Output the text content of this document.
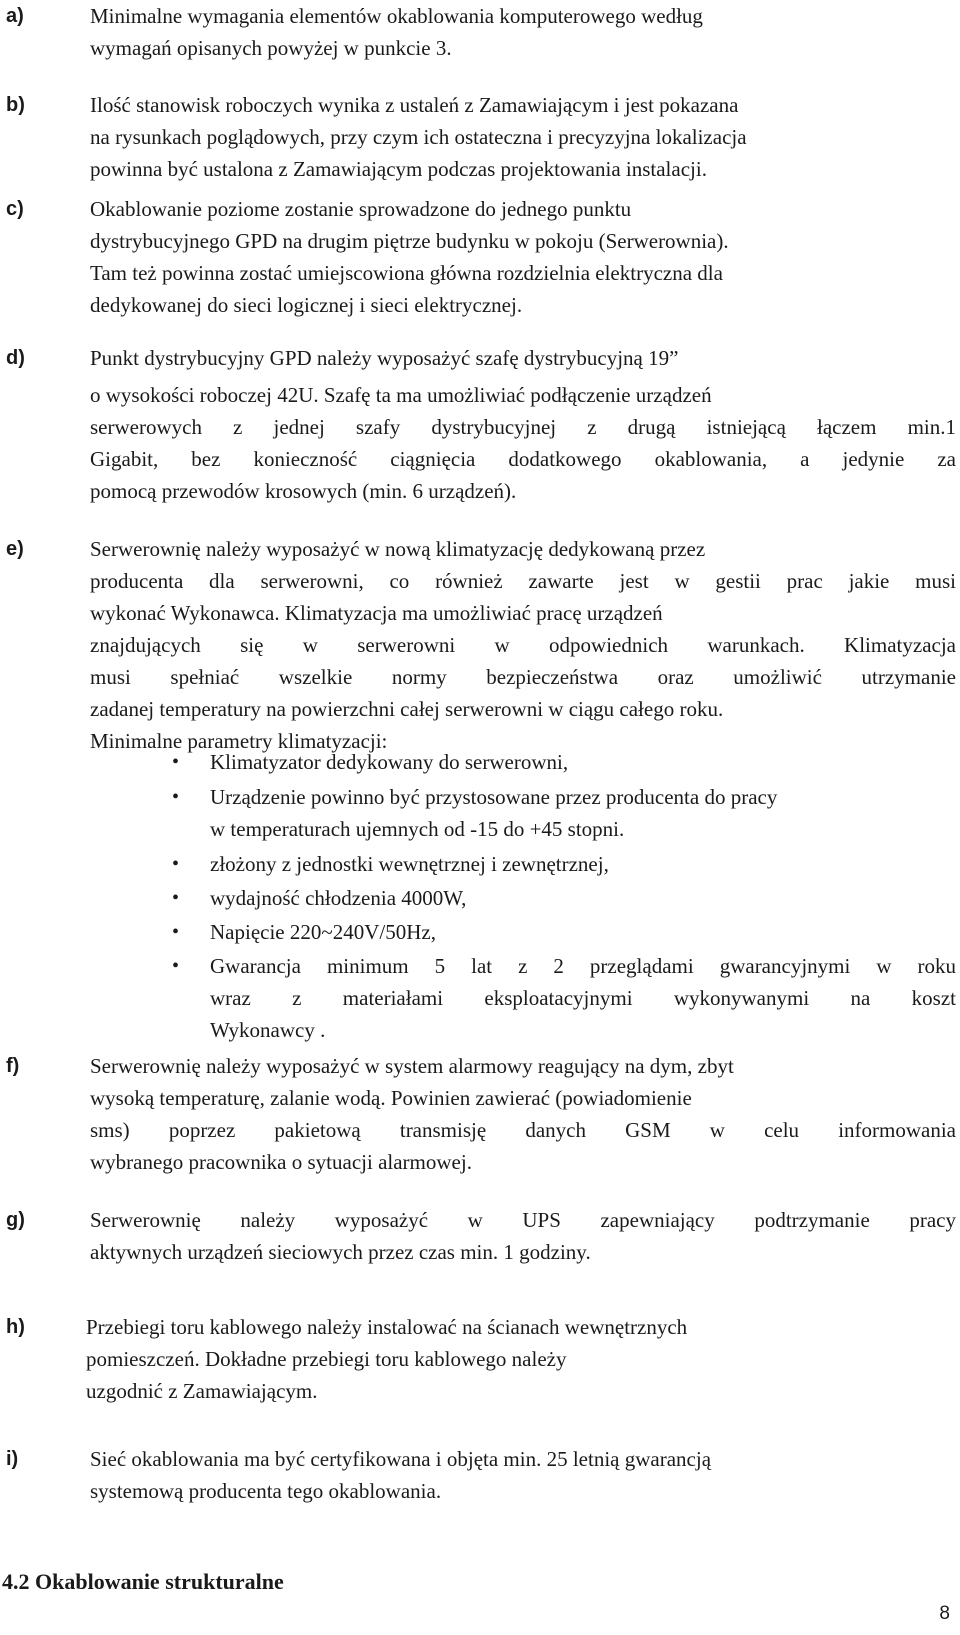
a)	Minimalne wymagania elementów okablowania komputerowego według
wymagań opisanych powyżej w punkcie 3.
b)	Ilość stanowisk roboczych wynika z ustaleń z Zamawiającym i jest pokazana
na rysunkach poglądowych, przy czym ich ostateczna i precyzyjna lokalizacja
powinna być ustalona z Zamawiającym podczas projektowania instalacji.
c)	Okablowanie poziome zostanie sprowadzone do jednego punktu
dystrybucyjnego GPD na drugim piętrze budynku w pokoju (Serwerownia).
Tam też powinna zostać umiejscowiona główna rozdzielnia elektryczna dla
dedykowanej do sieci logicznej i sieci elektrycznej.
d)	Punkt dystrybucyjny GPD należy wyposażyć szafę dystrybucyjną 19”
o wysokości roboczej 42U. Szafę ta ma umożliwiać podłączenie urządzeń
serwerowych z jednej szafy dystrybucyjnej z drugą istniejącą łączem min.1
Gigabit, bez konieczność ciągnięcia dodatkowego okablowania, a jedynie za
pomocą przewodów krosowych (min. 6 urządzeń).
e)	Serwerownię należy wyposażyć w nową klimatyzację dedykowaną przez
producenta dla serwerowni, co również zawarte jest w gestii prac jakie musi
wykonać Wykonawca. Klimatyzacja ma umożliwiać pracę urządzeń
znajdujących się w serwerowni w odpowiednich warunkach. Klimatyzacja
musi spełniać wszelkie normy bezpieczeństwa oraz umożliwić utrzymanie
zadanej temperatury na powierzchni całej serwerowni w ciągu całego roku.
Minimalne parametry klimatyzacji:
• Klimatyzator dedykowany do serwerowni,
• Urządzenie powinno być przystosowane przez producenta do pracy
w temperaturach ujemnych od -15 do +45 stopni.
• złożony z jednostki wewnętrznej i zewnętrznej,
• wydajność chłodzenia 4000W,
• Napięcie 220~240V/50Hz,
• Gwarancja minimum 5 lat z 2 przeglądami gwarancyjnymi w roku
wraz z materiałami eksploatacyjnymi wykonywanymi na koszt
Wykonawcy .
f)	Serwerownię należy wyposażyć w system alarmowy reagujący na dym, zbyt
wysoką temperaturę, zalanie wodą. Powinien zawierać (powiadomienie
sms) poprzez pakietową transmisję danych GSM w celu informowania
wybranego pracownika o sytuacji alarmowej.
g)	Serwerownię należy wyposażyć w UPS zapewniający podtrzymanie pracy
aktywnych urządzeń sieciowych przez czas min. 1 godziny.
h)	Przebiegi toru kablowego należy instalować na ścianach wewnętrznych
pomieszczeń. Dokładne przebiegi toru kablowego należy
uzgodnić z Zamawiającym.
i)	Sieć okablowania ma być certyfikowana i objęta min. 25 letnią gwarancją
systemową producenta tego okablowania.
4.2 Okablowanie strukturalne
8
